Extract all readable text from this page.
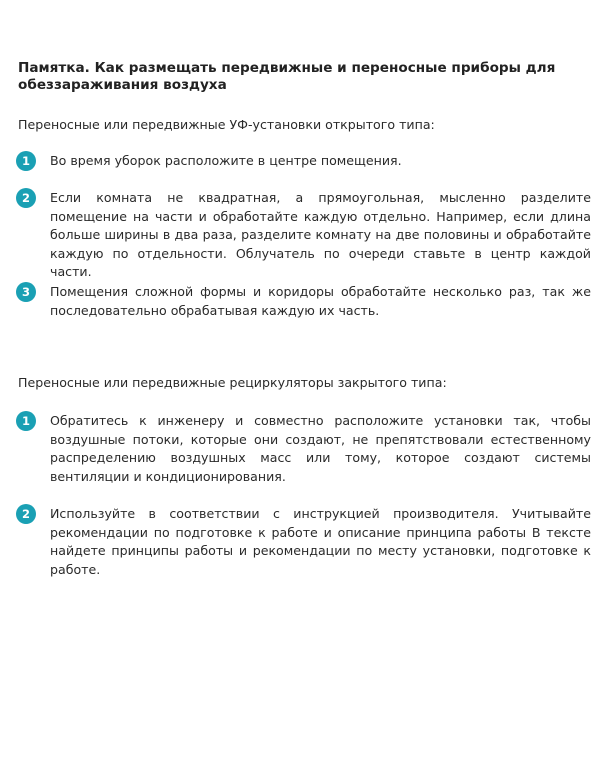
Памятка. Как размещать передвижные и переносные приборы для обеззараживания воздуха

Переносные или передвижные УФ-установки открытого типа:

1	Во время уборок расположите в центре помещения.

2	Если комната не квадратная, а прямоугольная, мысленно разделите помещение на части и обработайте каждую отдельно. Например, если длина больше ширины в два раза, разделите комнату на две половины и обработайте каждую по отдельности. Облучатель по очереди ставьте в центр каждой части.

3	Помещения сложной формы и коридоры обработайте несколько раз, так же последовательно обрабатывая каждую их часть.

Переносные или передвижные рециркуляторы закрытого типа:

1	Обратитесь к инженеру и совместно расположите установки так, чтобы воздушные потоки, которые они создают, не препятствовали естественному распределению воздушных масс или тому, которое создают системы вентиляции и кондиционирования.

2	Используйте в соответствии с инструкцией производителя. Учитывайте рекомендации по подготовке к работе и описание принципа работы В тексте найдете принципы работы и рекомендации по месту установки, подготовке к работе.
